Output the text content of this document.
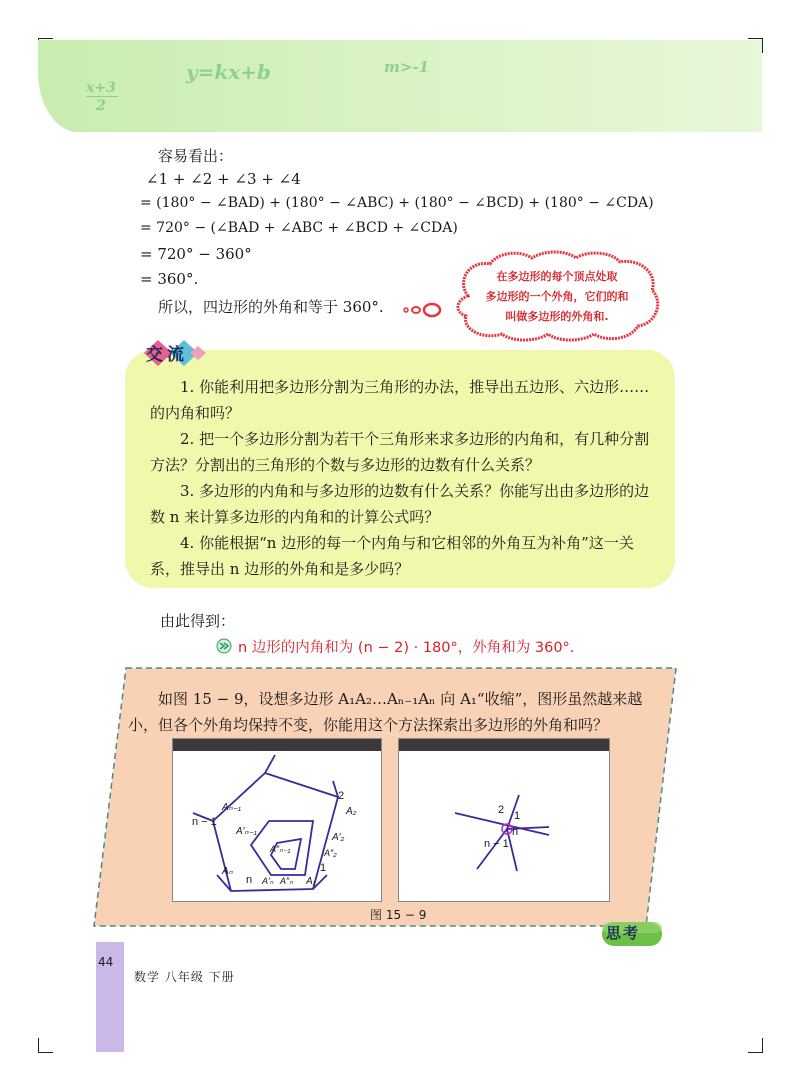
x+3
2
y=kx+b	m>-1
容易看出：
∠1 + ∠2 + ∠3 + ∠4
= (180° − ∠BAD) + (180° − ∠ABC) + (180° − ∠BCD) + (180° − ∠CDA)
= 720° − (∠BAD + ∠ABC + ∠BCD + ∠CDA)
= 720° − 360°
= 360°.
所以，四边形的外角和等于 360°.
在多边形的每个顶点处取
多边形的一个外角，它们的和
叫做多边形的外角和.
交流
1. 你能利用把多边形分割为三角形的办法，推导出五边形、六边形……的内角和吗？
2. 把一个多边形分割为若干个三角形来求多边形的内角和，有几种分割方法？分割出的三角形的个数与多边形的边数有什么关系？
3. 多边形的内角和与多边形的边数有什么关系？你能写出由多边形的边数 n 来计算多边形的内角和的计算公式吗？
4. 你能根据“n 边形的每一个内角与和它相邻的外角互为补角”这一关系，推导出 n 边形的外角和是多少吗？
由此得到：
n 边形的内角和为 (n − 2) · 180°，外角和为 360°.
如图 15 − 9，设想多边形 A₁A₂…Aₙ₋₁Aₙ 向 A₁“收缩”，图形虽然越来越小，但各个外角均保持不变，你能用这个方法探索出多边形的外角和吗？
Aₙ₋₁
n − 1
A′ₙ₋₁
A″ₙ₋₁
2
A₂
A′₂
A″₂
1
Aₙ
n A′ₙ A″ₙ A₁
2 1
n
n − 1
图 15 − 9
思考
44
数学 八年级 下册
